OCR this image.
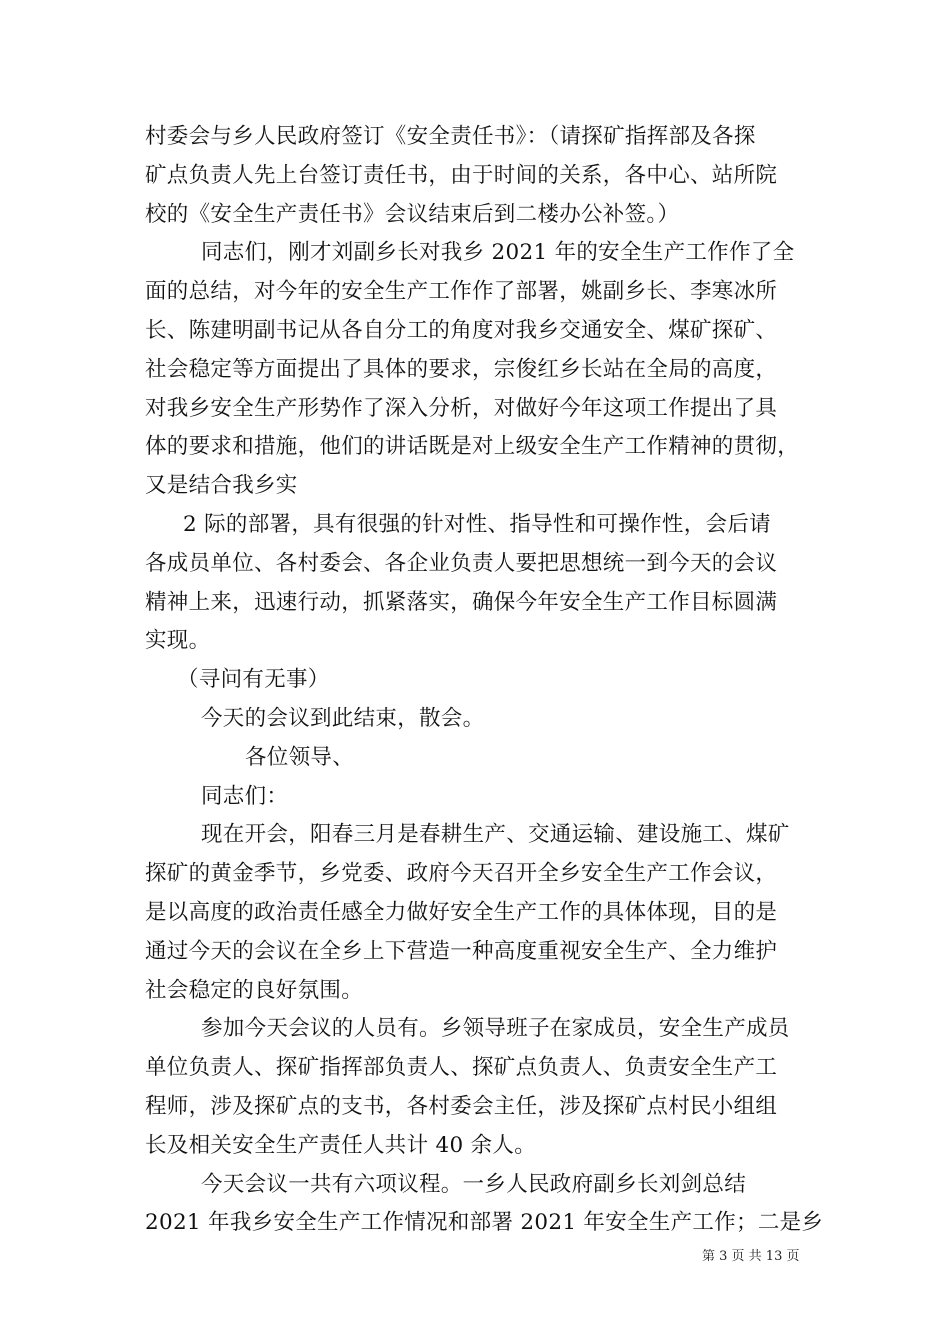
村委会与乡人民政府签订《安全责任书》：（请探矿指挥部及各探
矿点负责人先上台签订责任书，由于时间的关系，各中心、站所院
校的《安全生产责任书》会议结束后到二楼办公补签。）
同志们，刚才刘副乡长对我乡 2021 年的安全生产工作作了全
面的总结，对今年的安全生产工作作了部署，姚副乡长、李寒冰所
长、陈建明副书记从各自分工的角度对我乡交通安全、煤矿探矿、
社会稳定等方面提出了具体的要求，宗俊红乡长站在全局的高度，
对我乡安全生产形势作了深入分析，对做好今年这项工作提出了具
体的要求和措施，他们的讲话既是对上级安全生产工作精神的贯彻，
又是结合我乡实
2 际的部署，具有很强的针对性、指导性和可操作性，会后请
各成员单位、各村委会、各企业负责人要把思想统一到今天的会议
精神上来，迅速行动，抓紧落实，确保今年安全生产工作目标圆满
实现。
（寻问有无事）
今天的会议到此结束，散会。
各位领导、
同志们：
现在开会，阳春三月是春耕生产、交通运输、建设施工、煤矿
探矿的黄金季节，乡党委、政府今天召开全乡安全生产工作会议，
是以高度的政治责任感全力做好安全生产工作的具体体现，目的是
通过今天的会议在全乡上下营造一种高度重视安全生产、全力维护
社会稳定的良好氛围。
参加今天会议的人员有。乡领导班子在家成员，安全生产成员
单位负责人、探矿指挥部负责人、探矿点负责人、负责安全生产工
程师，涉及探矿点的支书，各村委会主任，涉及探矿点村民小组组
长及相关安全生产责任人共计 40 余人。
今天会议一共有六项议程。一乡人民政府副乡长刘剑总结
2021 年我乡安全生产工作情况和部署 2021 年安全生产工作；二是乡
第 3 页 共 13 页
